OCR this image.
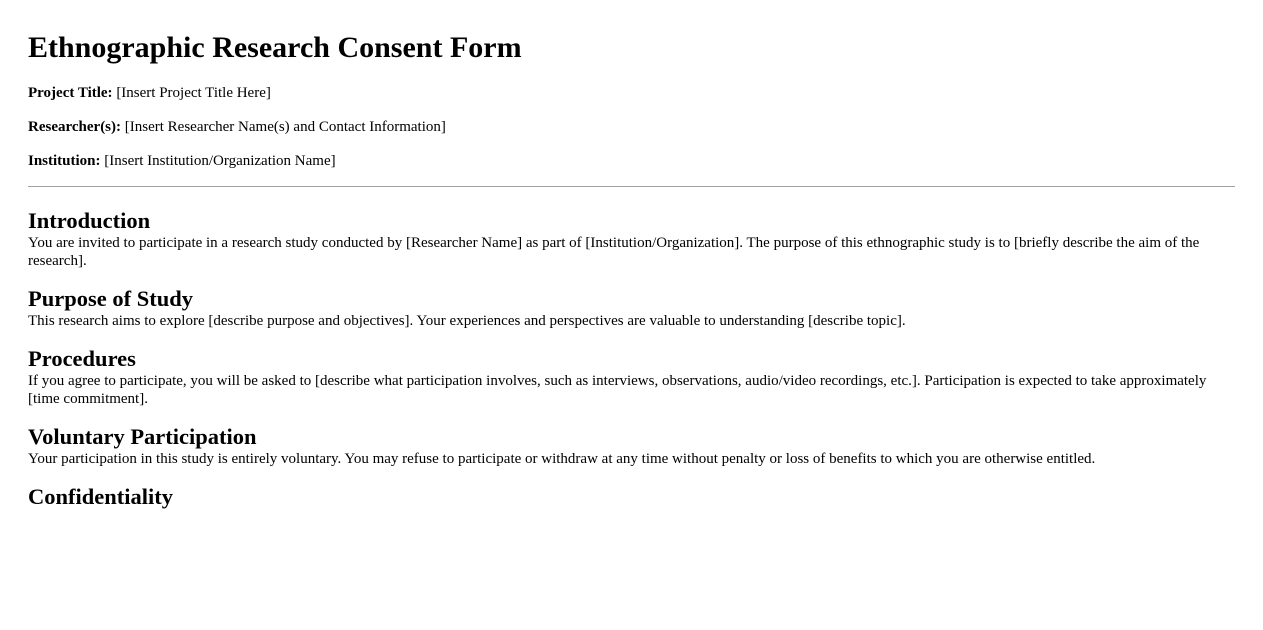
Ethnographic Research Consent Form

Project Title: [Insert Project Title Here]

Researcher(s): [Insert Researcher Name(s) and Contact Information]

Institution: [Insert Institution/Organization Name]

Introduction

You are invited to participate in a research study conducted by [Researcher Name] as part of [Institution/Organization]. The purpose of this ethnographic study is to [briefly describe the aim of the research].

Purpose of Study

This research aims to explore [describe purpose and objectives]. Your experiences and perspectives are valuable to understanding [describe topic].

Procedures

If you agree to participate, you will be asked to [describe what participation involves, such as interviews, observations, audio/video recordings, etc.]. Participation is expected to take approximately [time commitment].

Voluntary Participation

Your participation in this study is entirely voluntary. You may refuse to participate or withdraw at any time without penalty or loss of benefits to which you are otherwise entitled.

Confidentiality
